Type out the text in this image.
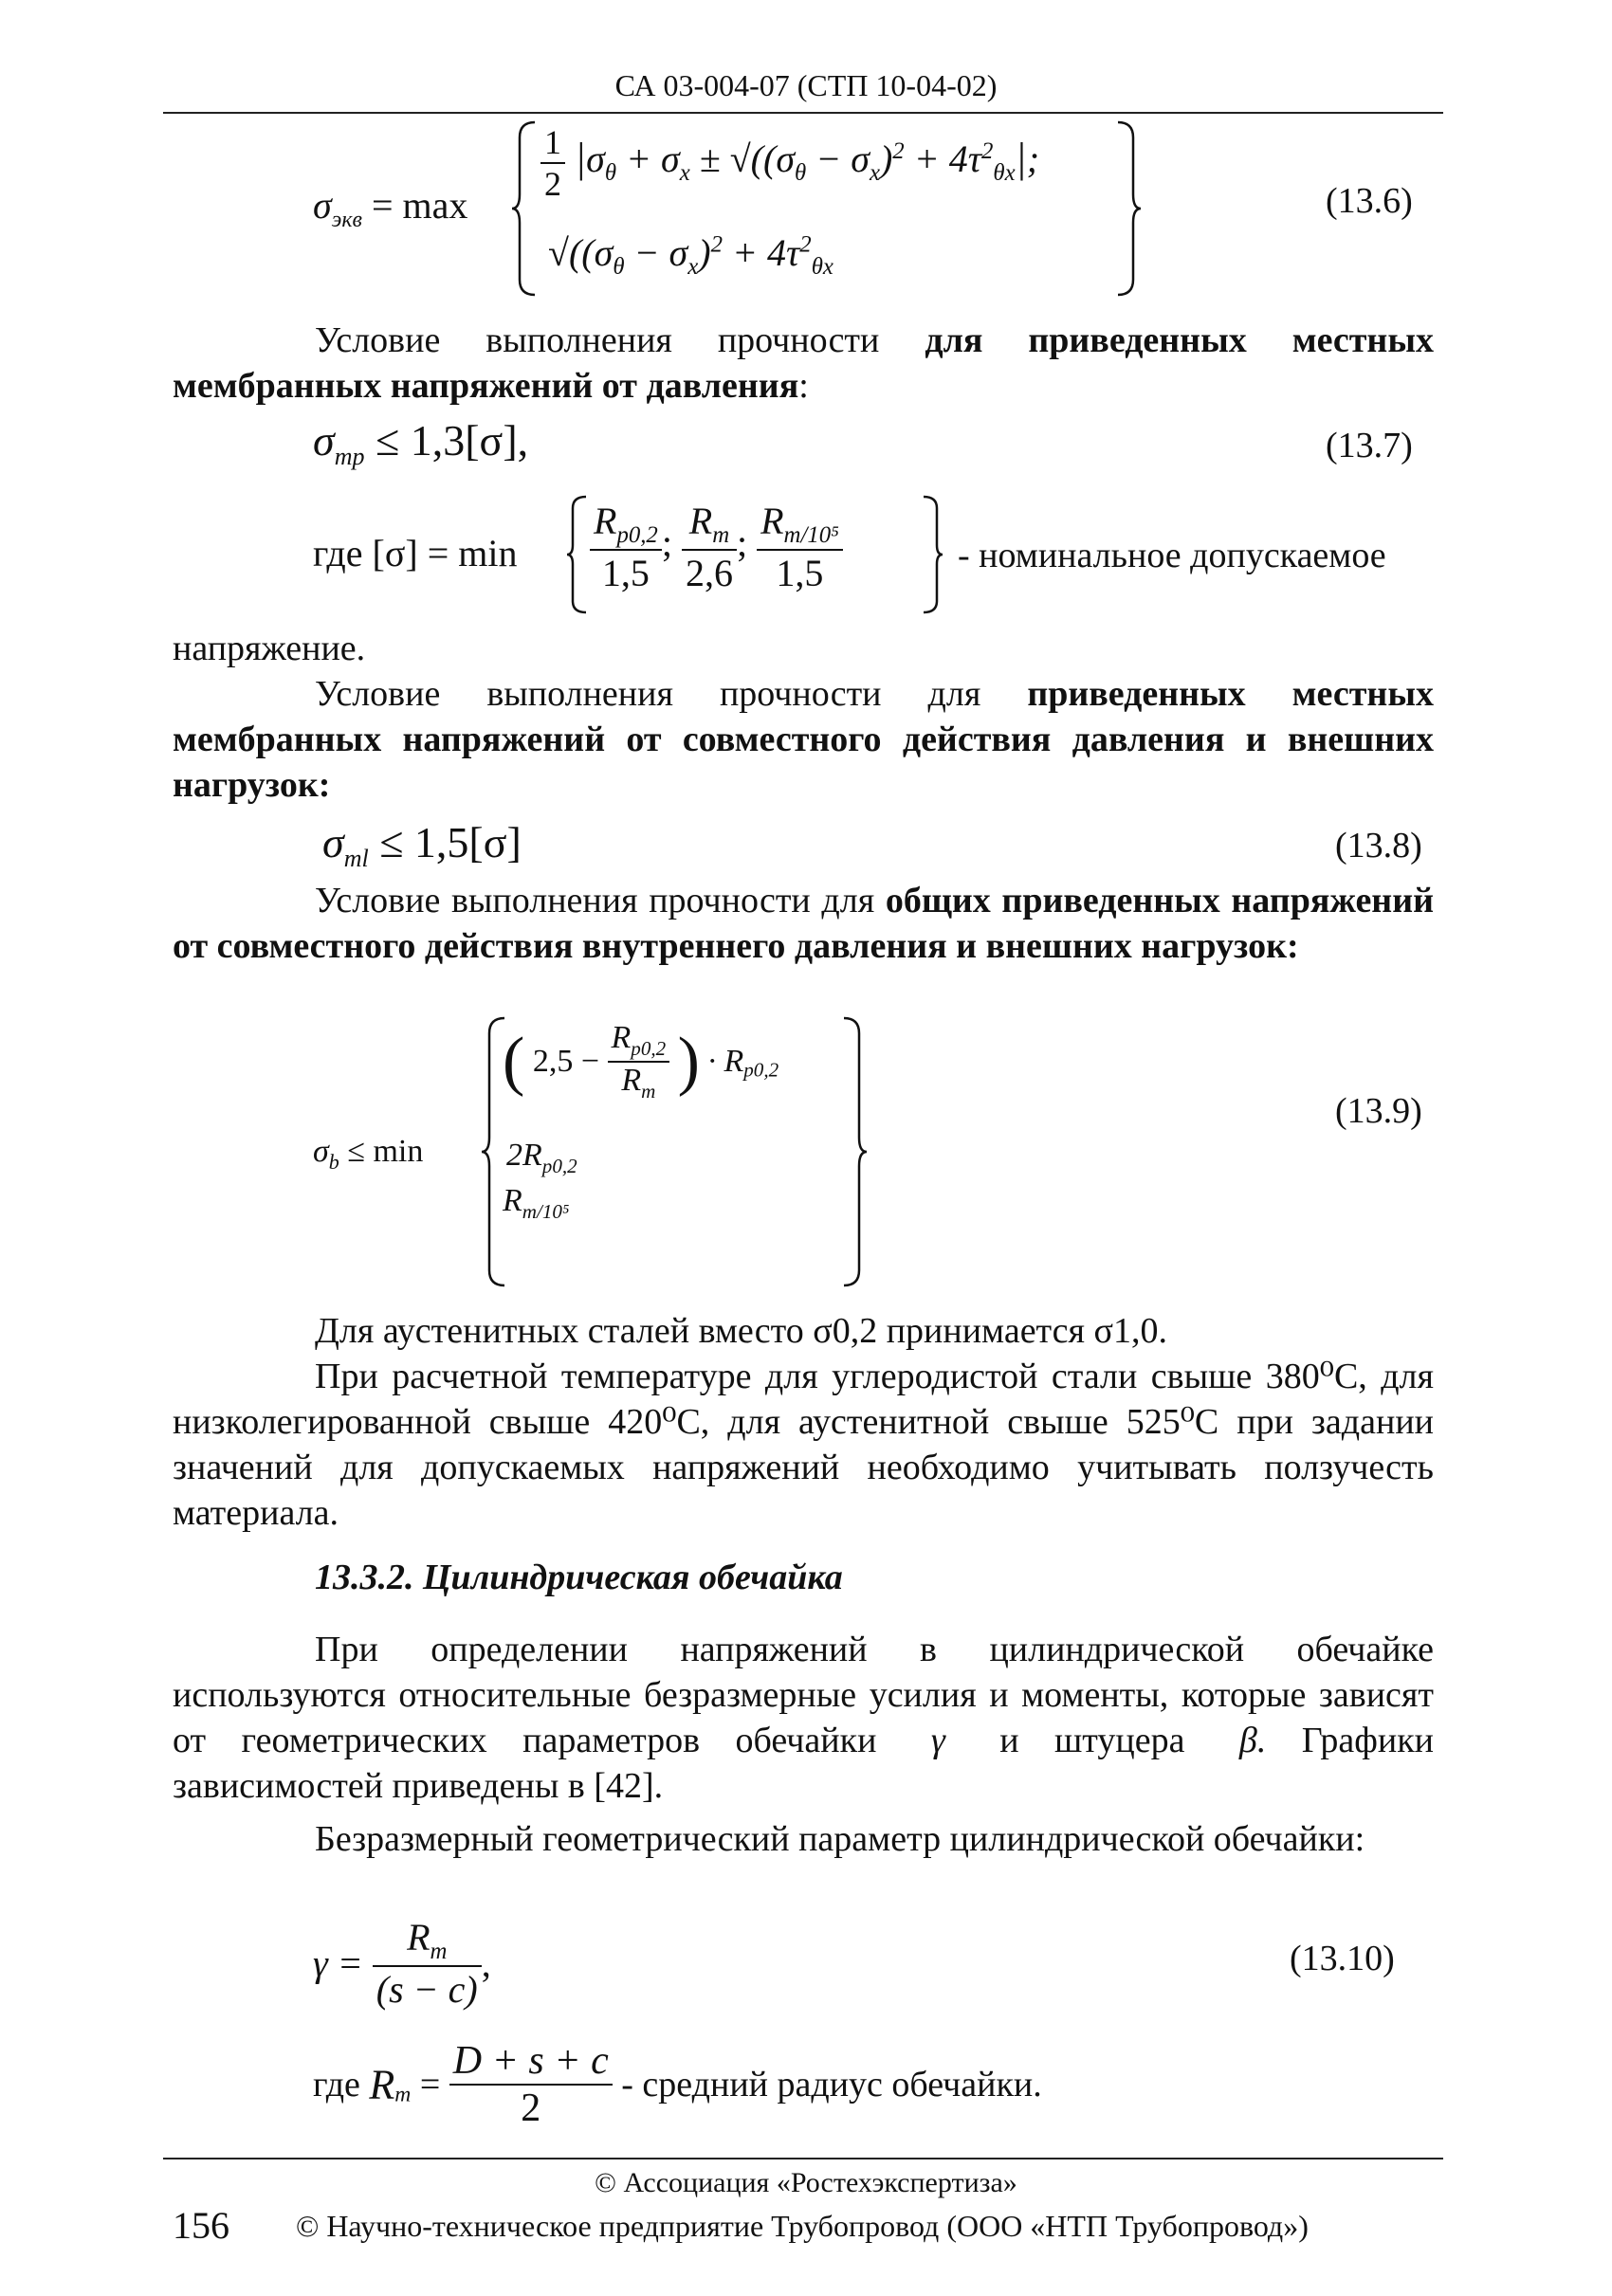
СА 03-004-07 (СТП 10-04-02)
$\sigma_{экв} = \max$
$\frac{1}{2} |\sigma_\theta + \sigma_x \pm √((\sigma_\theta - \sigma_x)^2 + 4\tau^2_{\theta x}|$;
$√((\sigma_\theta - \sigma_x)^2 + 4\tau^2_{\theta x}$
(13.6)
Условие выполнения прочности для приведенных местных мембранных напряжений от давления:
$\sigma_{тр} \le 1,3[\sigma]$,	(13.7)
где $[\sigma] = \min \frac{R_{p0,2}}{1,5}$ ; $\frac{R_m}{2,6}$ ; $\frac{R_{m/10^5}}{1,5}$	- номинальное допускаемое
напряжение.
Условие выполнения прочности для приведенных местных мембранных напряжений от совместного действия давления и внешних нагрузок:
$\sigma_{ml} \le 1,5[\sigma]$	(13.8)
Условие выполнения прочности для общих приведенных напряжений от совместного действия внутреннего давления и внешних нагрузок:
$\sigma_b \le \min$
( $2,5 - \frac{R_{p0,2}}{R_m}$ ) · $R_{p0,2}$
$2R_{p0,2}$
$R_{m/10^5}$
(13.9)
Для аустенитных сталей вместо σ0,2 принимается σ1,0.
При расчетной температуре для углеродистой стали свыше 380⁰С, для низколегированной свыше 420⁰С, для аустенитной свыше 525⁰С при задании значений для допускаемых напряжений необходимо учитывать ползучесть материала.
13.3.2. Цилиндрическая обечайка
При определении напряжений в цилиндрической обечайке используются относительные безразмерные усилия и моменты, которые зависят от геометрических параметров обечайки γ и штуцера β. Графики зависимостей приведены в [42].
Безразмерный геометрический параметр цилиндрической обечайки:
$\gamma = \frac{R_m}{(s - c)}$ ,	(13.10)
где $R_m = \frac{D + s + c}{2}$ - средний радиус обечайки.
© Ассоциация «Ростехэкспертиза»
156 © Научно-техническое предприятие Трубопровод (ООО «НТП Трубопровод»)
